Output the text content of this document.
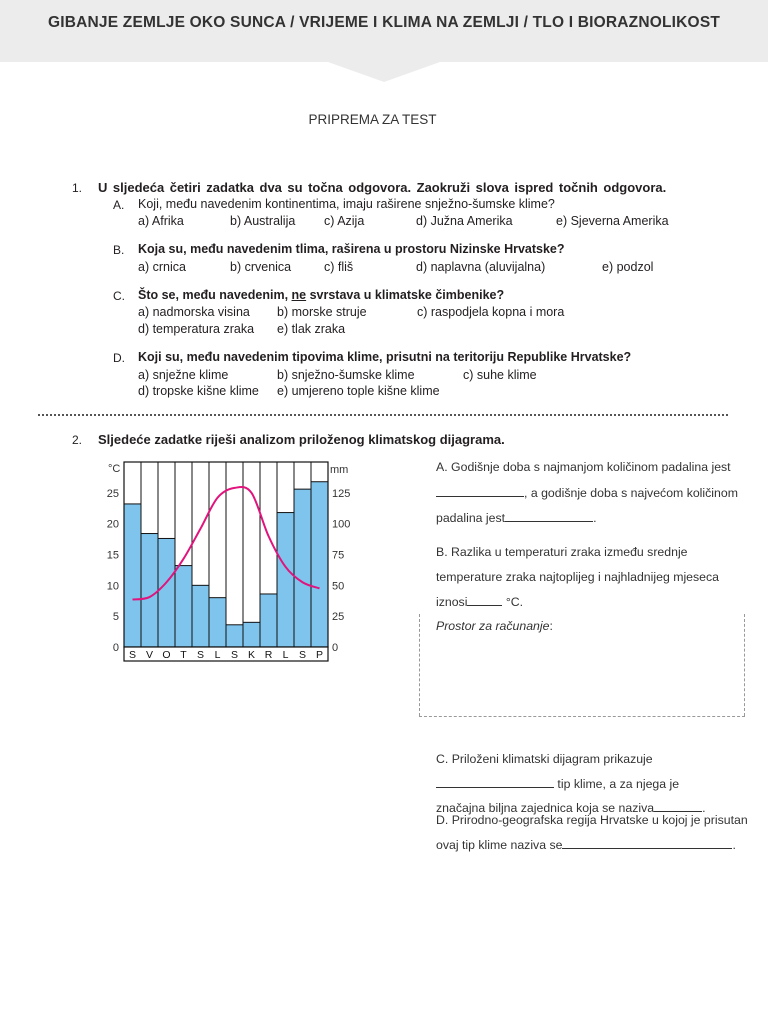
GIBANJE ZEMLJE OKO SUNCA / VRIJEME I KLIMA NA ZEMLJI / TLO I BIORAZNOLIKOST
PRIPREMA ZA TEST
1. U sljedeća četiri zadatka dva su točna odgovora. Zaokruži slova ispred točnih odgovora.
A. Koji, među navedenim kontinentima, imaju raširene snježno-šumske klime?
a) Afrika	b) Australija c) Azija	d) Južna Amerika	e) Sjeverna Amerika
B. Koja su, među navedenim tlima, raširena u prostoru Nizinske Hrvatske?
a) crnica	b) crvenica	c) fliš	d) naplavna (aluvijalna)	e) podzol
C. Što se, među navedenim, ne svrstava u klimatske čimbenike?
a) nadmorska visina b) morske struje	c) raspodjela kopna i mora
d) temperatura zraka e) tlak zraka
D. Koji su, među navedenim tipovima klime, prisutni na teritoriju Republike Hrvatske?
a) snježne klime	b) snježno-šumske klime	c) suhe klime
d) tropske kišne klime e) umjereno tople kišne klime
2. Sljedeće zadatke riješi analizom priloženog klimatskog dijagrama.
S V O T S L S K R L S P
0
5
10
15
20
25
0
25
50
75
100
125
°C	mm	A. Godišnje doba s najmanjom količinom padalina jest
, a godišnje doba s najvećom količinom
padalina jest	.
B. Razlika u temperaturi zraka između srednje
temperature zraka najtoplijeg i najhladnijeg mjeseca
iznosi	°C.
Prostor za računanje:
C. Priloženi klimatski dijagram prikazuje
tip klime, a za njega je
značajna biljna zajednica koja se naziva	.
D. Prirodno-geografska regija Hrvatske u kojoj je prisutan
ovaj tip klime naziva se	.
